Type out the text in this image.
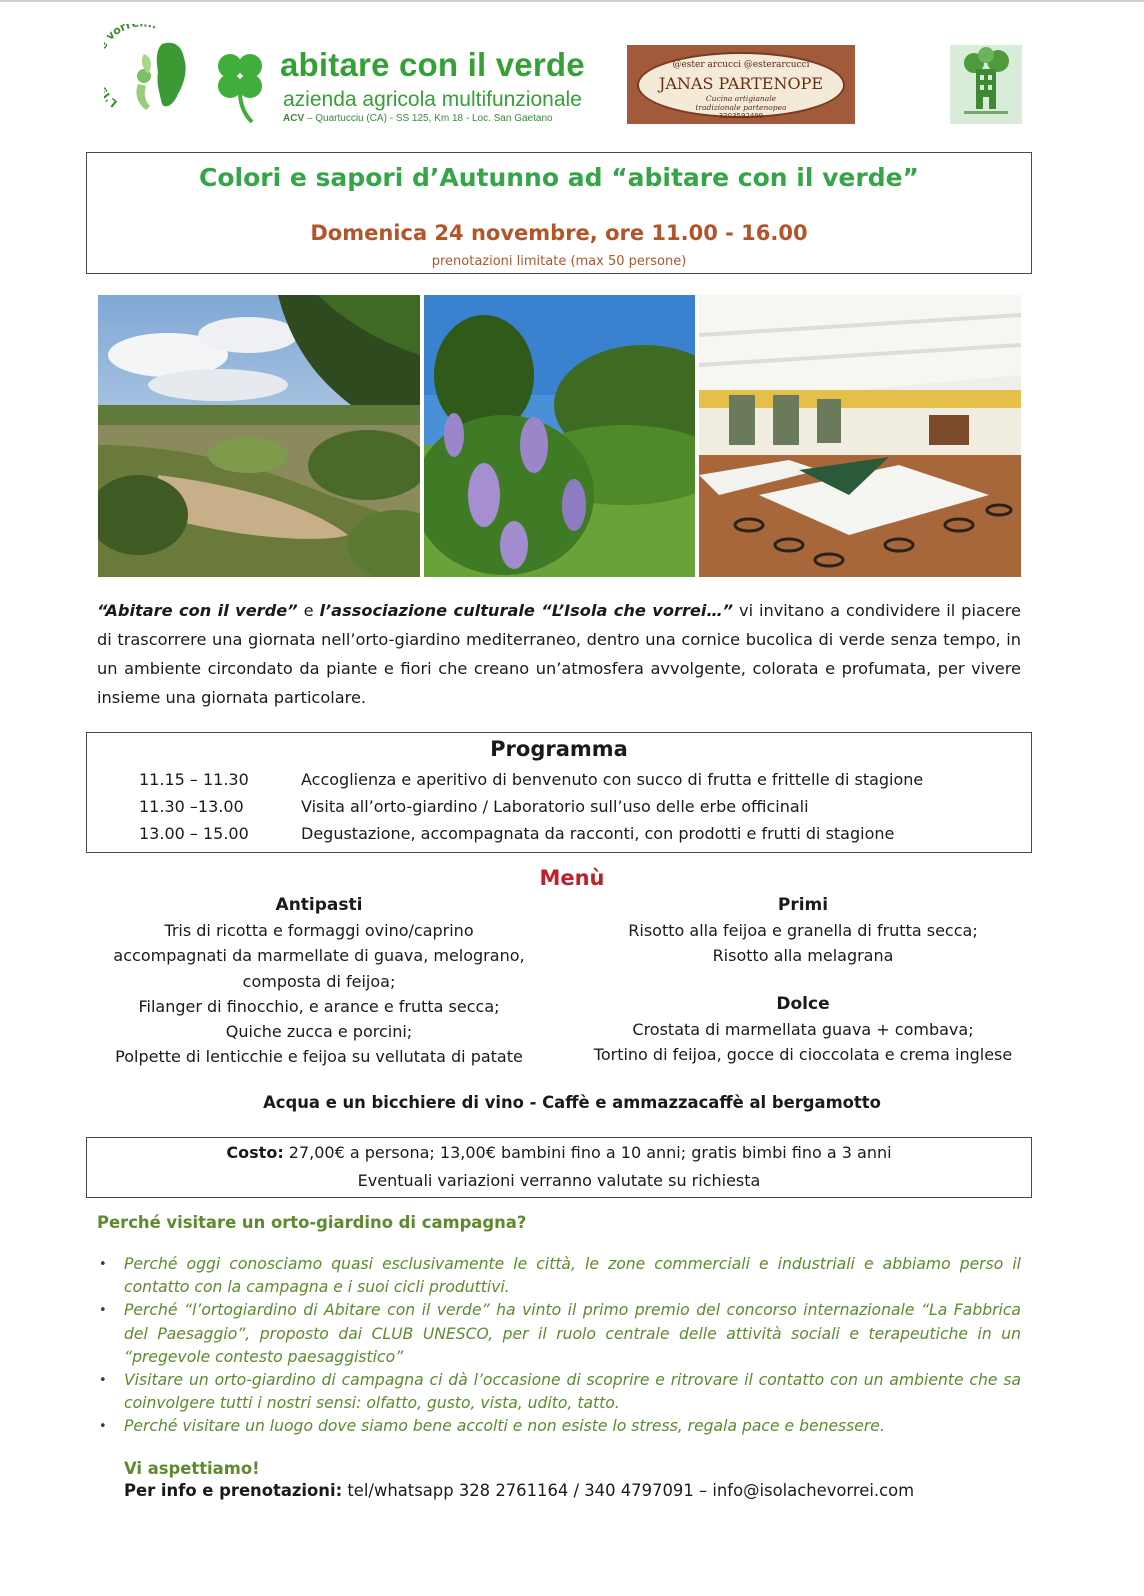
L' vorr .
abitare con il verde
azienda agricola multifunzionale
ACV – Quartucciu (CA) - SS 125, Km 18 - Loc. San Gaetano
@ester arcucci @esterarcucci
JANAS PARTENOPE
Cucina artigianale
tradizionale partenopea
3203592499
Colori e sapori d’Autunno ad “abitare con il verde”
Domenica 24 novembre, ore 11.00 - 16.00
prenotazioni limitate (max 50 persone)
“Abitare con il verde” e l’associazione culturale “L’Isola che vorrei…” vi invitano a condividere il piacere di trascorrere una giornata nell’orto-giardino mediterraneo, dentro una cornice bucolica di verde senza tempo, in un ambiente circondato da piante e fiori che creano un’atmosfera avvolgente, colorata e profumata, per vivere insieme una giornata particolare.
Programma
11.15 – 11.30	Accoglienza e aperitivo di benvenuto con succo di frutta e frittelle di stagione
11.30 –13.00	Visita all’orto-giardino / Laboratorio sull’uso delle erbe officinali
13.00 – 15.00	Degustazione, accompagnata da racconti, con prodotti e frutti di stagione
Menù
Antipasti
Tris di ricotta e formaggi ovino/caprino
accompagnati da marmellate di guava, melograno,
composta di feijoa;
Filanger di finocchio, e arance e frutta secca;
Quiche zucca e porcini;
Polpette di lenticchie e feijoa su vellutata di patate
Primi
Risotto alla feijoa e granella di frutta secca;
Risotto alla melagrana
Dolce
Crostata di marmellata guava + combava;
Tortino di feijoa, gocce di cioccolata e crema inglese
Acqua e un bicchiere di vino - Caffè e ammazzacaffè al bergamotto
Costo: 27,00€ a persona; 13,00€ bambini fino a 10 anni; gratis bimbi fino a 3 anni
Eventuali variazioni verranno valutate su richiesta
Perché visitare un orto-giardino di campagna?
• Perché oggi conosciamo quasi esclusivamente le città, le zone commerciali e industriali e abbiamo perso il contatto con la campagna e i suoi cicli produttivi.
• Perché “l’ortogiardino di Abitare con il verde” ha vinto il primo premio del concorso internazionale “La Fabbrica del Paesaggio”, proposto dai CLUB UNESCO, per il ruolo centrale delle attività sociali e terapeutiche in un “pregevole contesto paesaggistico”
• Visitare un orto-giardino di campagna ci dà l’occasione di scoprire e ritrovare il contatto con un ambiente che sa coinvolgere tutti i nostri sensi: olfatto, gusto, vista, udito, tatto.
• Perché visitare un luogo dove siamo bene accolti e non esiste lo stress, regala pace e benessere.
Vi aspettiamo!
Per info e prenotazioni: tel/whatsapp 328 2761164 / 340 4797091 – info@isolachevorrei.com
